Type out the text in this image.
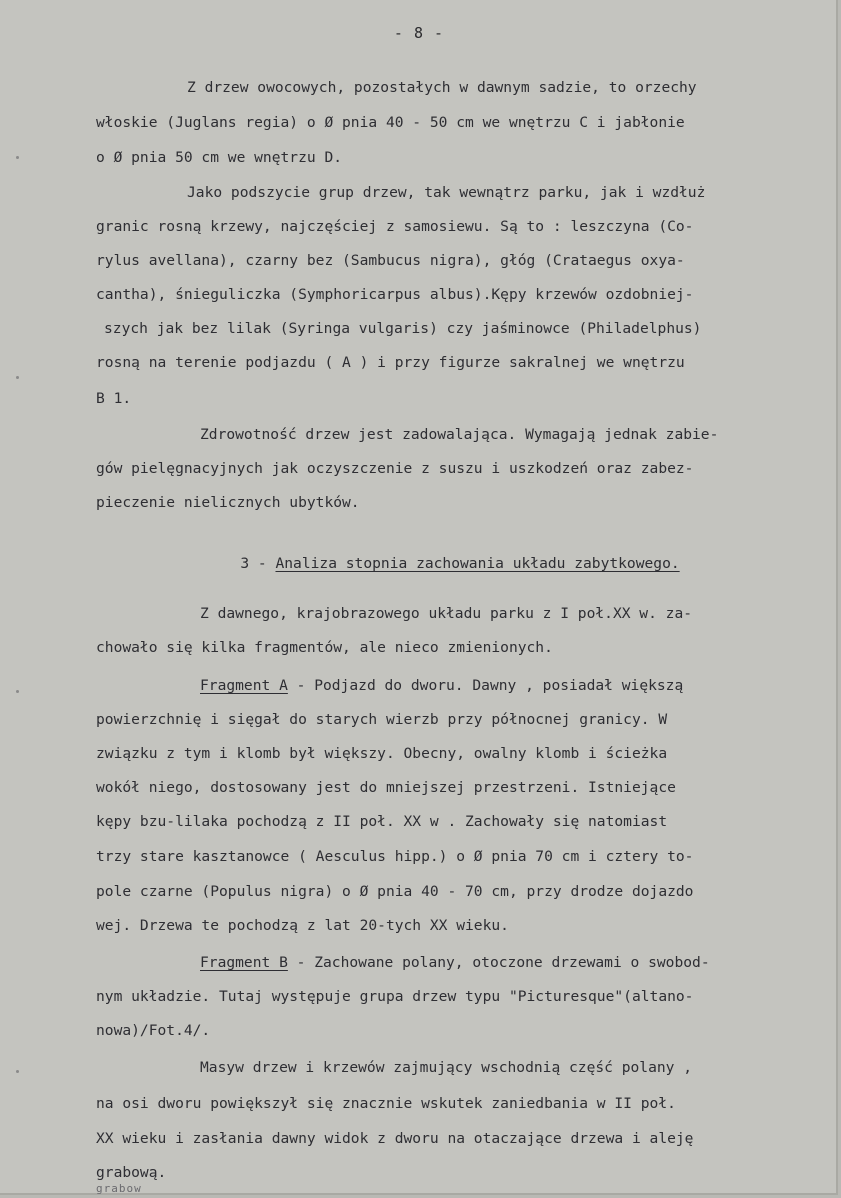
- 8 -
Z drzew owocowych, pozostałych w dawnym sadzie, to orzechy
włoskie (Juglans regia) o Ø pnia 40 - 50 cm we wnętrzu C i jabłonie
o Ø pnia 50 cm we wnętrzu D.
Jako podszycie grup drzew, tak wewnątrz parku, jak i wzdłuż
granic rosną krzewy, najczęściej z samosiewu. Są to : leszczyna (Co-
rylus avellana), czarny bez (Sambucus nigra), głóg (Crataegus oxya-
cantha), śnieguliczka (Symphoricarpus albus).Kępy krzewów ozdobniej-
szych jak bez lilak (Syringa vulgaris) czy jaśminowce (Philadelphus)
rosną na terenie podjazdu ( A ) i przy figurze sakralnej we wnętrzu
B 1.
Zdrowotność drzew jest zadowalająca. Wymagają jednak zabie-
gów pielęgnacyjnych jak oczyszczenie z suszu i uszkodzeń oraz zabez-
pieczenie nielicznych ubytków.
3 - Analiza stopnia zachowania układu zabytkowego.
Z dawnego, krajobrazowego układu parku z I poł.XX w. za-
chowało się kilka fragmentów, ale nieco zmienionych.
Fragment A - Podjazd do dworu. Dawny , posiadał większą
powierzchnię i sięgał do starych wierzb przy północnej granicy. W
związku z tym i klomb był większy. Obecny, owalny klomb i ścieżka
wokół niego, dostosowany jest do mniejszej przestrzeni. Istniejące
kępy bzu-lilaka pochodzą z II poł. XX w . Zachowały się natomiast
trzy stare kasztanowce ( Aesculus hipp.) o Ø pnia 70 cm i cztery to-
pole czarne (Populus nigra) o Ø pnia 40 - 70 cm, przy drodze dojazdo
wej. Drzewa te pochodzą z lat 20-tych XX wieku.
Fragment B - Zachowane polany, otoczone drzewami o swobod-
nym układzie. Tutaj występuje grupa drzew typu "Picturesque"(altano-
nowa)/Fot.4/.
Masyw drzew i krzewów zajmujący wschodnią część polany ,
na osi dworu powiększył się znacznie wskutek zaniedbania w II poł.
XX wieku i zasłania dawny widok z dworu na otaczające drzewa i aleję
grabową.
grabow
